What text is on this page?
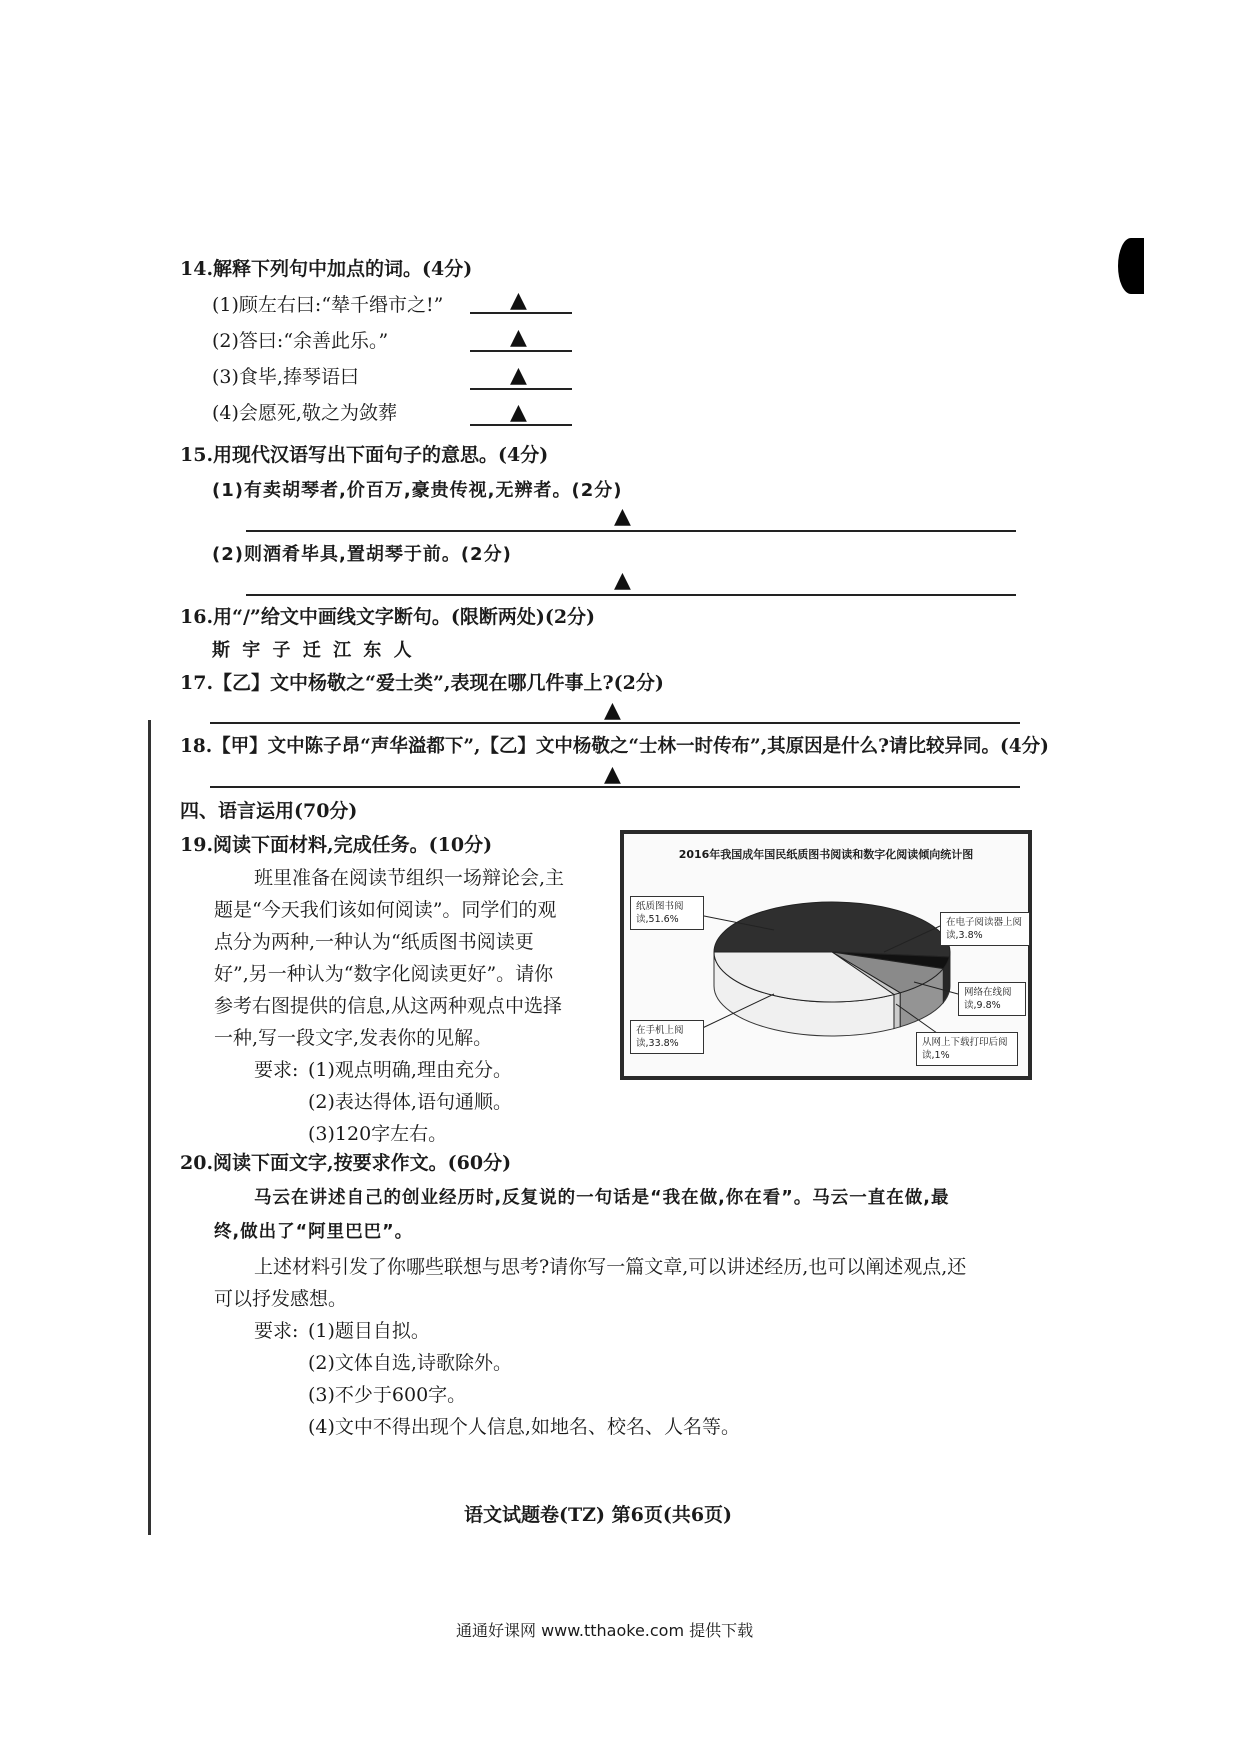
14.解释下列句中加点的词。(4分)
(1)顾左右曰:“辇千缗市之!”	▲
(2)答曰:“余善此乐。”	▲
(3)食毕,捧琴语曰	▲
(4)会愿死,敬之为敛葬	▲
15.用现代汉语写出下面句子的意思。(4分)
(1)有卖胡琴者,价百万,豪贵传视,无辨者。(2分)
▲
(2)则酒肴毕具,置胡琴于前。(2分)
▲
16.用“/”给文中画线文字断句。(限断两处)(2分)
斯 宇 子 迁 江 东 人
17.【乙】文中杨敬之“爱士类”,表现在哪几件事上?(2分)
▲
18.【甲】文中陈子昂“声华溢都下”,【乙】文中杨敬之“士林一时传布”,其原因是什么?请比较异同。(4分)
▲
四、语言运用(70分)
19.阅读下面材料,完成任务。(10分)
班里准备在阅读节组织一场辩论会,主
题是“今天我们该如何阅读”。同学们的观
点分为两种,一种认为“纸质图书阅读更
好”,另一种认为“数字化阅读更好”。请你
参考右图提供的信息,从这两种观点中选择
一种,写一段文字,发表你的见解。
要求: (1)观点明确,理由充分。
(2)表达得体,语句通顺。
(3)120字左右。
2016年我国成年国民纸质图书阅读和数字化阅读倾向统计图
纸质图书阅读,51.6%	在电子阅读器上阅读,3.8%
网络在线阅读,9.8%
从网上下载打印后阅读,1%
在手机上阅读,33.8%
20.阅读下面文字,按要求作文。(60分)
马云在讲述自己的创业经历时,反复说的一句话是“我在做,你在看”。马云一直在做,最
终,做出了“阿里巴巴”。
上述材料引发了你哪些联想与思考?请你写一篇文章,可以讲述经历,也可以阐述观点,还
可以抒发感想。
要求: (1)题目自拟。
(2)文体自选,诗歌除外。
(3)不少于600字。
(4)文中不得出现个人信息,如地名、校名、人名等。
语文试题卷(TZ) 第6页(共6页)
通通好课网 www.tthaoke.com 提供下载
